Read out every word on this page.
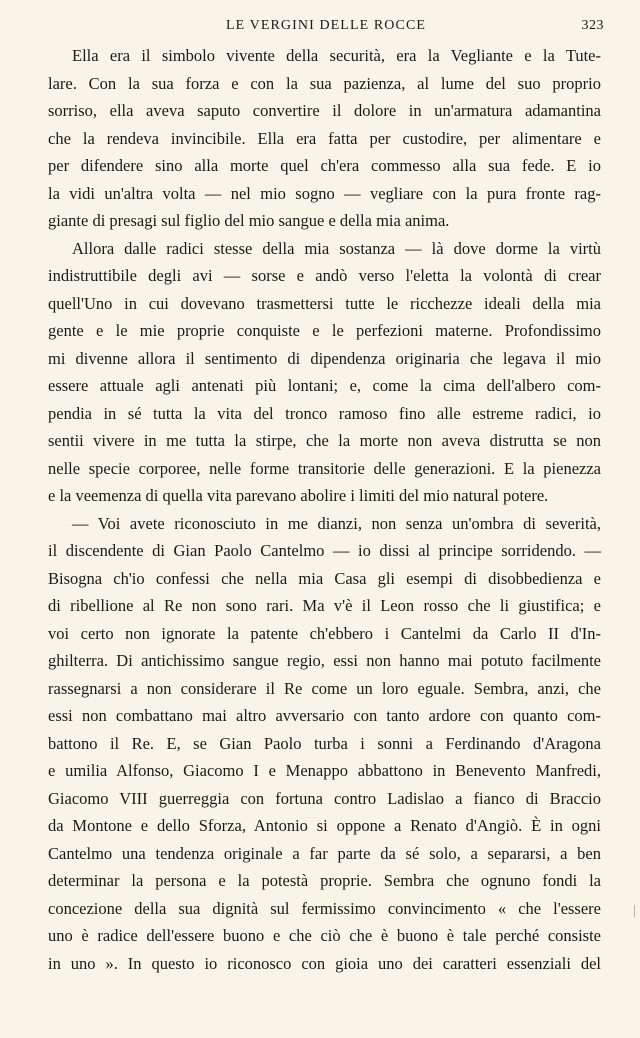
LE VERGINI DELLE ROCCE	323
Ella era il simbolo vivente della securità, era la Vegliante e la Tute-
lare. Con la sua forza e con la sua pazienza, al lume del suo proprio
sorriso, ella aveva saputo convertire il dolore in un'armatura adamantina
che la rendeva invincibile. Ella era fatta per custodire, per alimentare e
per difendere sino alla morte quel ch'era commesso alla sua fede. E io
la vidi un'altra volta — nel mio sogno — vegliare con la pura fronte rag-
giante di presagi sul figlio del mio sangue e della mia anima.
Allora dalle radici stesse della mia sostanza — là dove dorme la virtù
indistruttibile degli avi — sorse e andò verso l'eletta la volontà di crear
quell'Uno in cui dovevano trasmettersi tutte le ricchezze ideali della mia
gente e le mie proprie conquiste e le perfezioni materne. Profondissimo
mi divenne allora il sentimento di dipendenza originaria che legava il mio
essere attuale agli antenati più lontani; e, come la cima dell'albero com-
pendia in sé tutta la vita del tronco ramoso fino alle estreme radici, io
sentii vivere in me tutta la stirpe, che la morte non aveva distrutta se non
nelle specie corporee, nelle forme transitorie delle generazioni. E la pienezza
e la veemenza di quella vita parevano abolire i limiti del mio natural potere.
— Voi avete riconosciuto in me dianzi, non senza un'ombra di severità,
il discendente di Gian Paolo Cantelmo — io dissi al principe sorridendo. —
Bisogna ch'io confessi che nella mia Casa gli esempi di disobbedienza e
di ribellione al Re non sono rari. Ma v'è il Leon rosso che li giustifica; e
voi certo non ignorate la patente ch'ebbero i Cantelmi da Carlo II d'In-
ghilterra. Di antichissimo sangue regio, essi non hanno mai potuto facilmente
rassegnarsi a non considerare il Re come un loro eguale. Sembra, anzi, che
essi non combattano mai altro avversario con tanto ardore con quanto com-
battono il Re. E, se Gian Paolo turba i sonni a Ferdinando d'Aragona
e umilia Alfonso, Giacomo I e Menappo abbattono in Benevento Manfredi,
Giacomo VIII guerreggia con fortuna contro Ladislao a fianco di Braccio
da Montone e dello Sforza, Antonio si oppone a Renato d'Angiò. È in ogni
Cantelmo una tendenza originale a far parte da sé solo, a separarsi, a ben
determinar la persona e la potestà proprie. Sembra che ognuno fondi la
concezione della sua dignità sul fermissimo convincimento « che l'essere
uno è radice dell'essere buono e che ciò che è buono è tale perché consiste
in uno ». In questo io riconosco con gioia uno dei caratteri essenziali del
